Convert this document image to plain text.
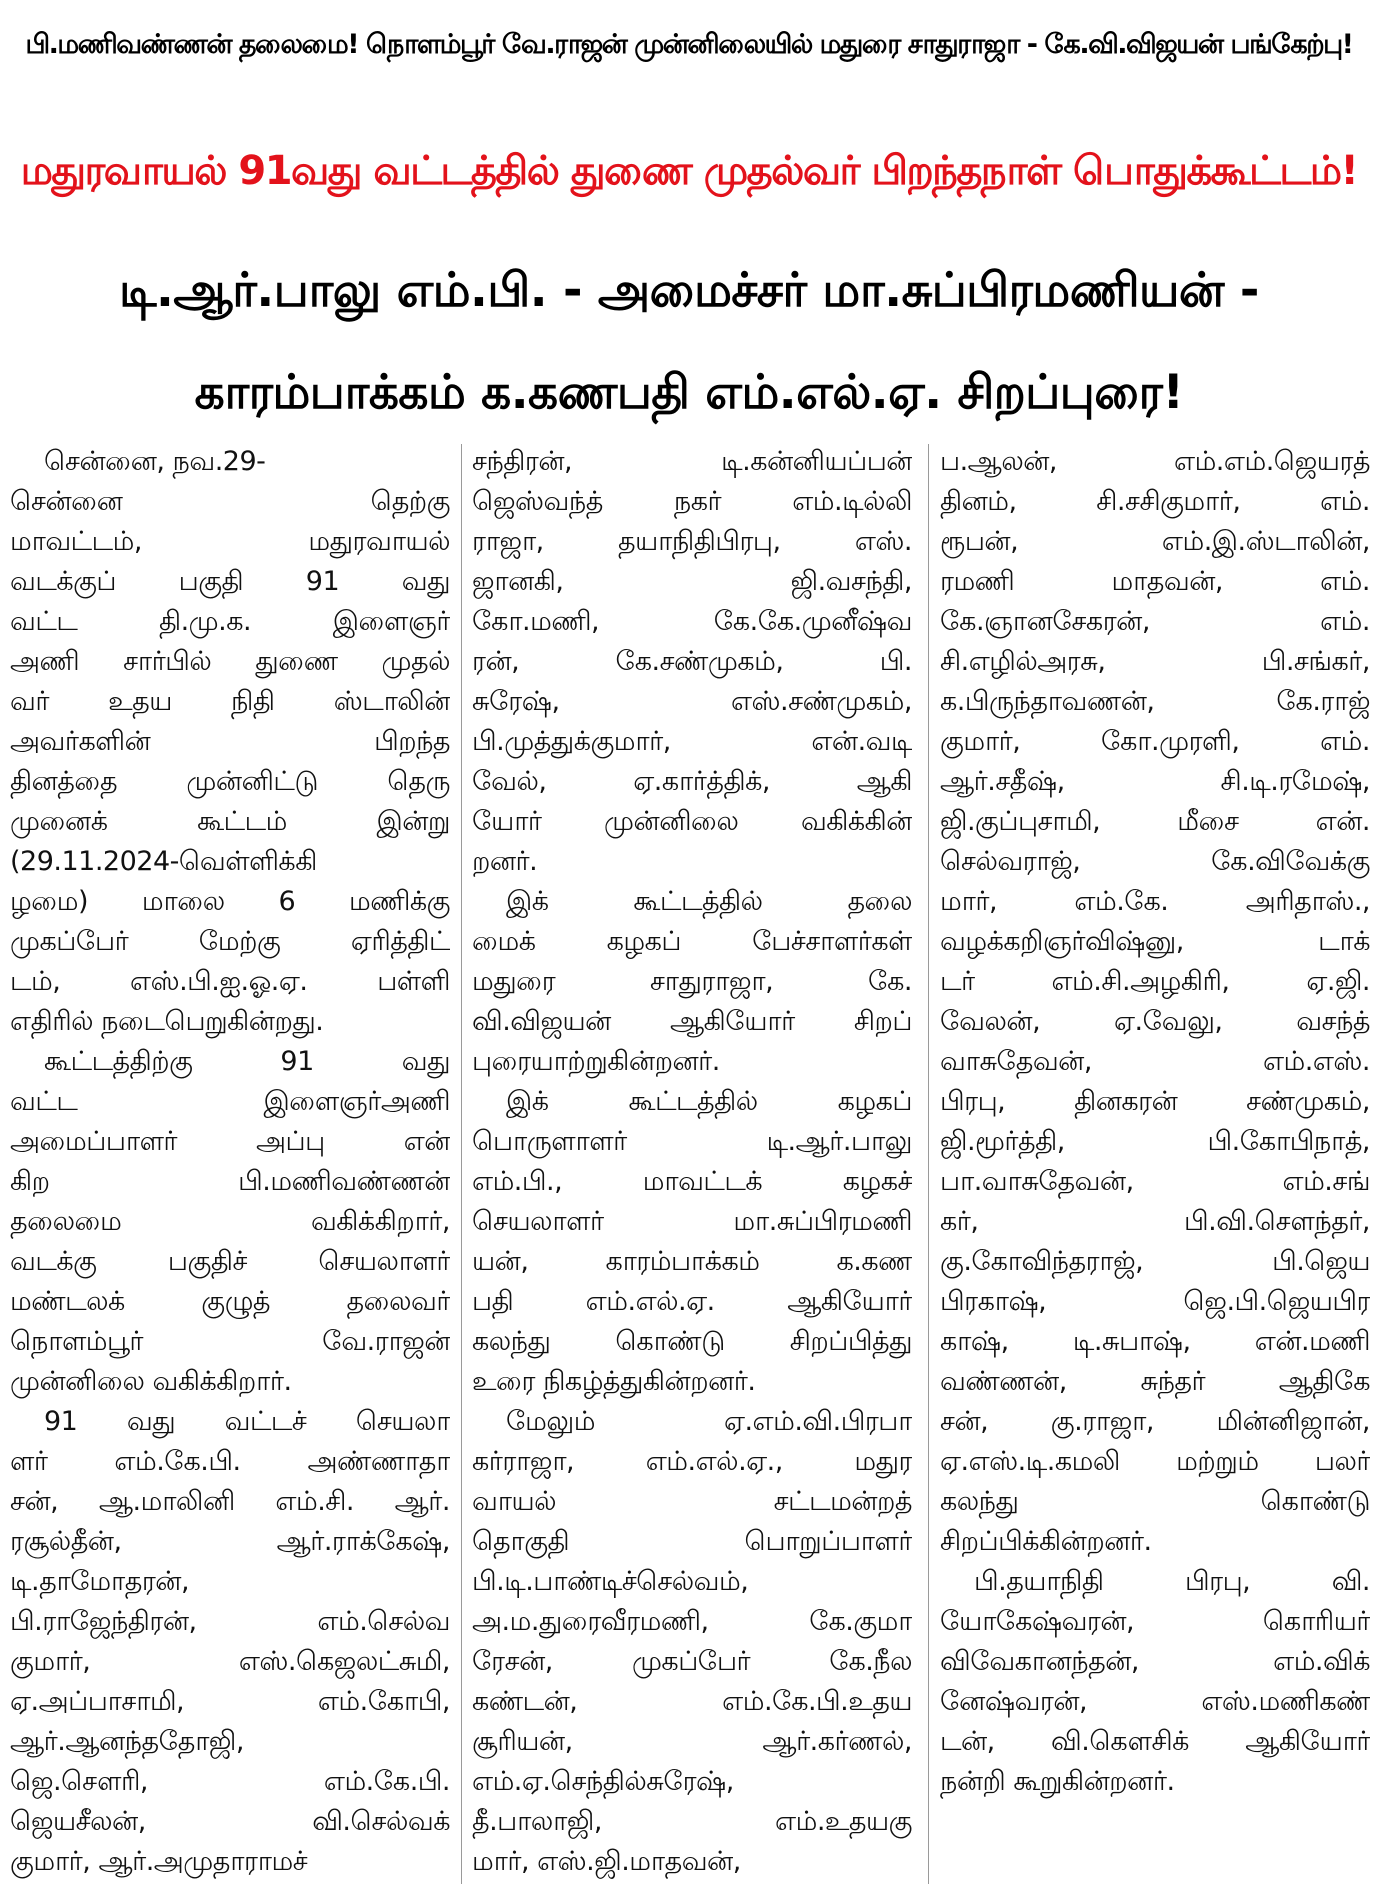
பி.மணிவண்ணன் தலைமை! நொளம்பூர் வே.ராஜன் முன்னிலையில் மதுரை சாதுராஜா - கே.வி.விஜயன் பங்கேற்பு!
மதுரவாயல் 91வது வட்டத்தில் துணை முதல்வர் பிறந்தநாள் பொதுக்கூட்டம்!
டி.ஆர்.பாலு எம்.பி. - அமைச்சர் மா.சுப்பிரமணியன் -
காரம்பாக்கம் க.கணபதி எம்.எல்.ஏ. சிறப்புரை!
சென்னை, நவ.29-
சென்னை தெற்கு
மாவட்டம், மதுரவாயல்
வடக்குப் பகுதி 91 வது
வட்ட தி.மு.க. இளைஞர்
அணி சார்பில் துணை முதல்
வர் உதய நிதி ஸ்டாலின்
அவர்களின் பிறந்த
தினத்தை முன்னிட்டு தெரு
முனைக் கூட்டம் இன்று
(29.11.2024-வெள்ளிக்கி
ழமை) மாலை 6 மணிக்கு
முகப்பேர் மேற்கு ஏரித்திட்
டம், எஸ்.பி.ஐ.ஓ.ஏ. பள்ளி
எதிரில் நடைபெறுகின்றது.
கூட்டத்திற்கு 91 வது
வட்ட இளைஞர்அணி
அமைப்பாளர் அப்பு என்
கிற பி.மணிவண்ணன்
தலைமை வகிக்கிறார்,
வடக்கு பகுதிச் செயலாளர்
மண்டலக் குழுத் தலைவர்
நொளம்பூர் வே.ராஜன்
முன்னிலை வகிக்கிறார்.
91 வது வட்டச் செயலா
ளர் எம்.கே.பி. அண்ணாதா
சன், ஆ.மாலினி எம்.சி. ஆர்.
ரசூல்தீன், ஆர்.ராக்கேஷ்,
டி.தாமோதரன்,
பி.ராஜேந்திரன், எம்.செல்வ
குமார், எஸ்.கெஜலட்சுமி,
ஏ.அப்பாசாமி, எம்.கோபி,
ஆர்.ஆனந்ததோஜி,
ஜெ.சௌரி, எம்.கே.பி.
ஜெயசீலன், வி.செல்வக்
குமார், ஆர்.அமுதாராமச்
சந்திரன், டி.கன்னியப்பன்
ஜெஸ்வந்த் நகர் எம்.டில்லி
ராஜா, தயாநிதிபிரபு, எஸ்.
ஜானகி, ஜி.வசந்தி,
கோ.மணி, கே.கே.முனீஷ்வ
ரன், கே.சண்முகம், பி.
சுரேஷ், எஸ்.சண்முகம்,
பி.முத்துக்குமார், என்.வடி
வேல், ஏ.கார்த்திக், ஆகி
யோர் முன்னிலை வகிக்கின்
றனர்.
இக் கூட்டத்தில் தலை
மைக் கழகப் பேச்சாளர்கள்
மதுரை சாதுராஜா, கே.
வி.விஜயன் ஆகியோர் சிறப்
புரையாற்றுகின்றனர்.
இக் கூட்டத்தில் கழகப்
பொருளாளர் டி.ஆர்.பாலு
எம்.பி., மாவட்டக் கழகச்
செயலாளர் மா.சுப்பிரமணி
யன், காரம்பாக்கம் க.கண
பதி எம்.எல்.ஏ. ஆகியோர்
கலந்து கொண்டு சிறப்பித்து
உரை நிகழ்த்துகின்றனர்.
மேலும் ஏ.எம்.வி.பிரபா
கர்ராஜா, எம்.எல்.ஏ., மதுர
வாயல் சட்டமன்றத்
தொகுதி பொறுப்பாளர்
பி.டி.பாண்டிச்செல்வம்,
அ.ம.துரைவீரமணி, கே.குமா
ரேசன், முகப்பேர் கே.நீல
கண்டன், எம்.கே.பி.உதய
சூரியன், ஆர்.கர்ணல்,
எம்.ஏ.செந்தில்சுரேஷ்,
தீ.பாலாஜி, எம்.உதயகு
மார், எஸ்.ஜி.மாதவன்,
ப.ஆலன், எம்.எம்.ஜெயரத்
தினம், சி.சசிகுமார், எம்.
ரூபன், எம்.இ.ஸ்டாலின்,
ரமணி மாதவன், எம்.
கே.ஞானசேகரன், எம்.
சி.எழில்அரசு, பி.சங்கர்,
க.பிருந்தாவணன், கே.ராஜ்
குமார், கோ.முரளி, எம்.
ஆர்.சதீஷ், சி.டி.ரமேஷ்,
ஜி.குப்புசாமி, மீசை என்.
செல்வராஜ், கே.விவேக்கு
மார், எம்.கே. அரிதாஸ்.,
வழக்கறிஞர்விஷ்னு, டாக்
டர் எம்.சி.அழகிரி, ஏ.ஜி.
வேலன், ஏ.வேலு, வசந்த்
வாசுதேவன், எம்.எஸ்.
பிரபு, தினகரன் சண்முகம்,
ஜி.மூர்த்தி, பி.கோபிநாத்,
பா.வாசுதேவன், எம்.சங்
கர், பி.வி.சௌந்தர்,
கு.கோவிந்தராஜ், பி.ஜெய
பிரகாஷ், ஜெ.பி.ஜெயபிர
காஷ், டி.சுபாஷ், என்.மணி
வண்ணன், சுந்தர் ஆதிகே
சன், கு.ராஜா, மின்னிஜான்,
ஏ.எஸ்.டி.கமலி மற்றும் பலர்
கலந்து கொண்டு
சிறப்பிக்கின்றனர்.
பி.தயாநிதி பிரபு, வி.
யோகேஷ்வரன், கொரியர்
விவேகானந்தன், எம்.விக்
னேஷ்வரன், எஸ்.மணிகண்
டன், வி.கௌசிக் ஆகியோர்
நன்றி கூறுகின்றனர்.
